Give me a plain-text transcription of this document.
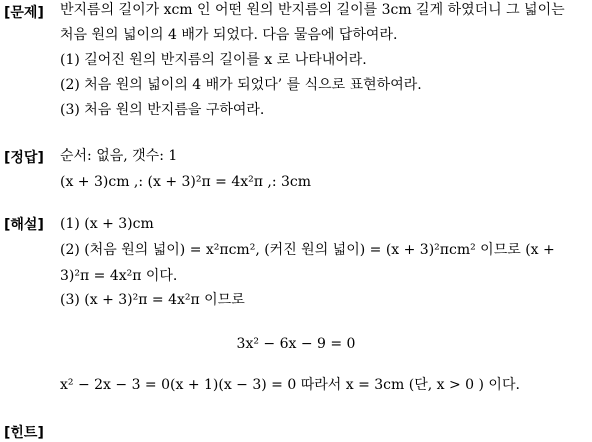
[문제] 반지름의 길이가 xcm 인 어떤 원의 반지름의 길이를 3cm 길게 하였더니 그 넓이는
처음 원의 넓이의 4 배가 되었다. 다음 물음에 답하여라.
(1) 길어진 원의 반지름의 길이를 x 로 나타내어라.
(2) 처음 원의 넓이의 4 배가 되었다’ 를 식으로 표현하여라.
(3) 처음 원의 반지름을 구하여라.
[정답] 순서: 없음, 갯수: 1
(x + 3)cm ,: (x + 3)²π = 4x²π ,: 3cm
[해설] (1) (x + 3)cm
(2) (처음 원의 넓이) = x²πcm², (커진 원의 넓이) = (x + 3)²πcm² 이므로 (x +
3)²π = 4x²π 이다.
(3) (x + 3)²π = 4x²π 이므로
3x² − 6x − 9 = 0
x² − 2x − 3 = 0(x + 1)(x − 3) = 0 따라서 x = 3cm (단, x > 0 ) 이다.
[힌트]
